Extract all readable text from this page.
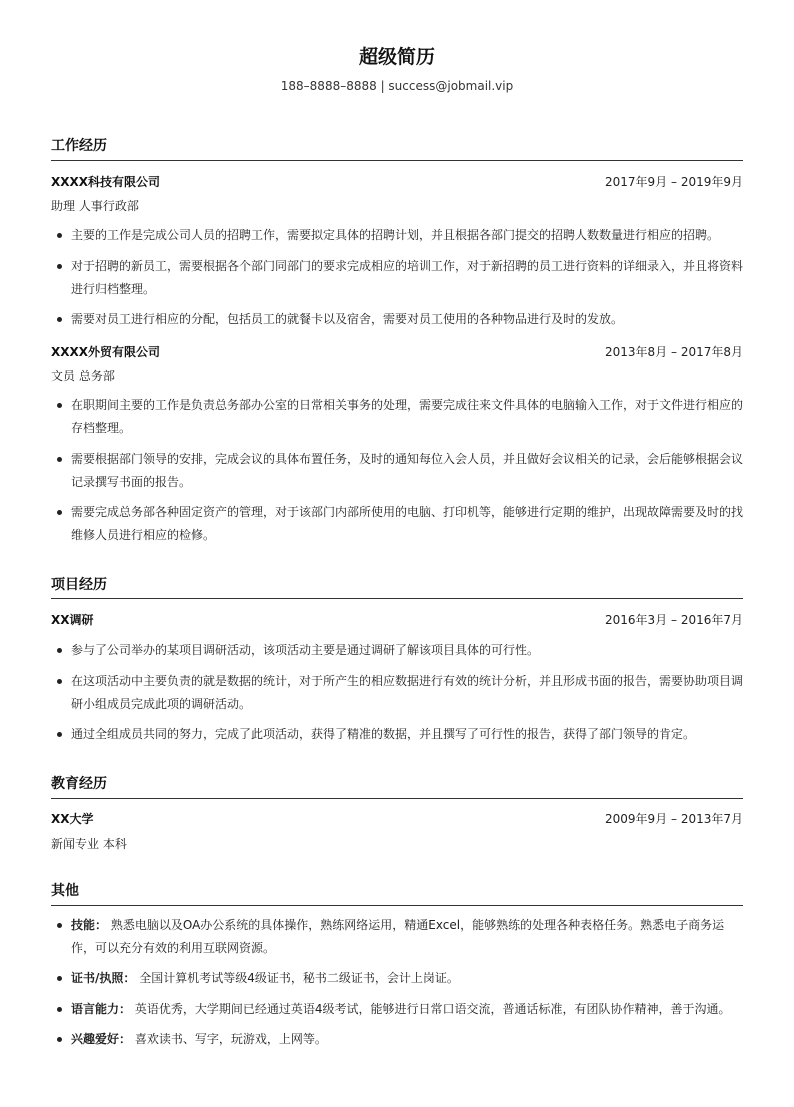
超级简历
188–8888–8888 | success@jobmail.vip
工作经历
XXXX科技有限公司	2017年9月 – 2019年9月
助理 人事行政部
主要的工作是完成公司人员的招聘工作，需要拟定具体的招聘计划，并且根据各部门提交的招聘人数数量进行相应的招聘。
对于招聘的新员工，需要根据各个部门同部门的要求完成相应的培训工作，对于新招聘的员工进行资料的详细录入，并且将资料进行归档整理。
需要对员工进行相应的分配，包括员工的就餐卡以及宿舍，需要对员工使用的各种物品进行及时的发放。
XXXX外贸有限公司	2013年8月 – 2017年8月
文员 总务部
在职期间主要的工作是负责总务部办公室的日常相关事务的处理，需要完成往来文件具体的电脑输入工作，对于文件进行相应的存档整理。
需要根据部门领导的安排，完成会议的具体布置任务，及时的通知每位入会人员，并且做好会议相关的记录，会后能够根据会议记录撰写书面的报告。
需要完成总务部各种固定资产的管理，对于该部门内部所使用的电脑、打印机等，能够进行定期的维护，出现故障需要及时的找维修人员进行相应的检修。
项目经历
XX调研	2016年3月 – 2016年7月
参与了公司举办的某项目调研活动，该项活动主要是通过调研了解该项目具体的可行性。
在这项活动中主要负责的就是数据的统计，对于所产生的相应数据进行有效的统计分析，并且形成书面的报告，需要协助项目调研小组成员完成此项的调研活动。
通过全组成员共同的努力，完成了此项活动，获得了精准的数据，并且撰写了可行性的报告，获得了部门领导的肯定。
教育经历
XX大学	2009年9月 – 2013年7月
新闻专业 本科
其他
技能： 熟悉电脑以及OA办公系统的具体操作，熟练网络运用，精通Excel，能够熟练的处理各种表格任务。熟悉电子商务运作，可以充分有效的利用互联网资源。
证书/执照： 全国计算机考试等级4级证书，秘书二级证书，会计上岗证。
语言能力： 英语优秀，大学期间已经通过英语4级考试，能够进行日常口语交流，普通话标准，有团队协作精神，善于沟通。
兴趣爱好： 喜欢读书、写字，玩游戏，上网等。
